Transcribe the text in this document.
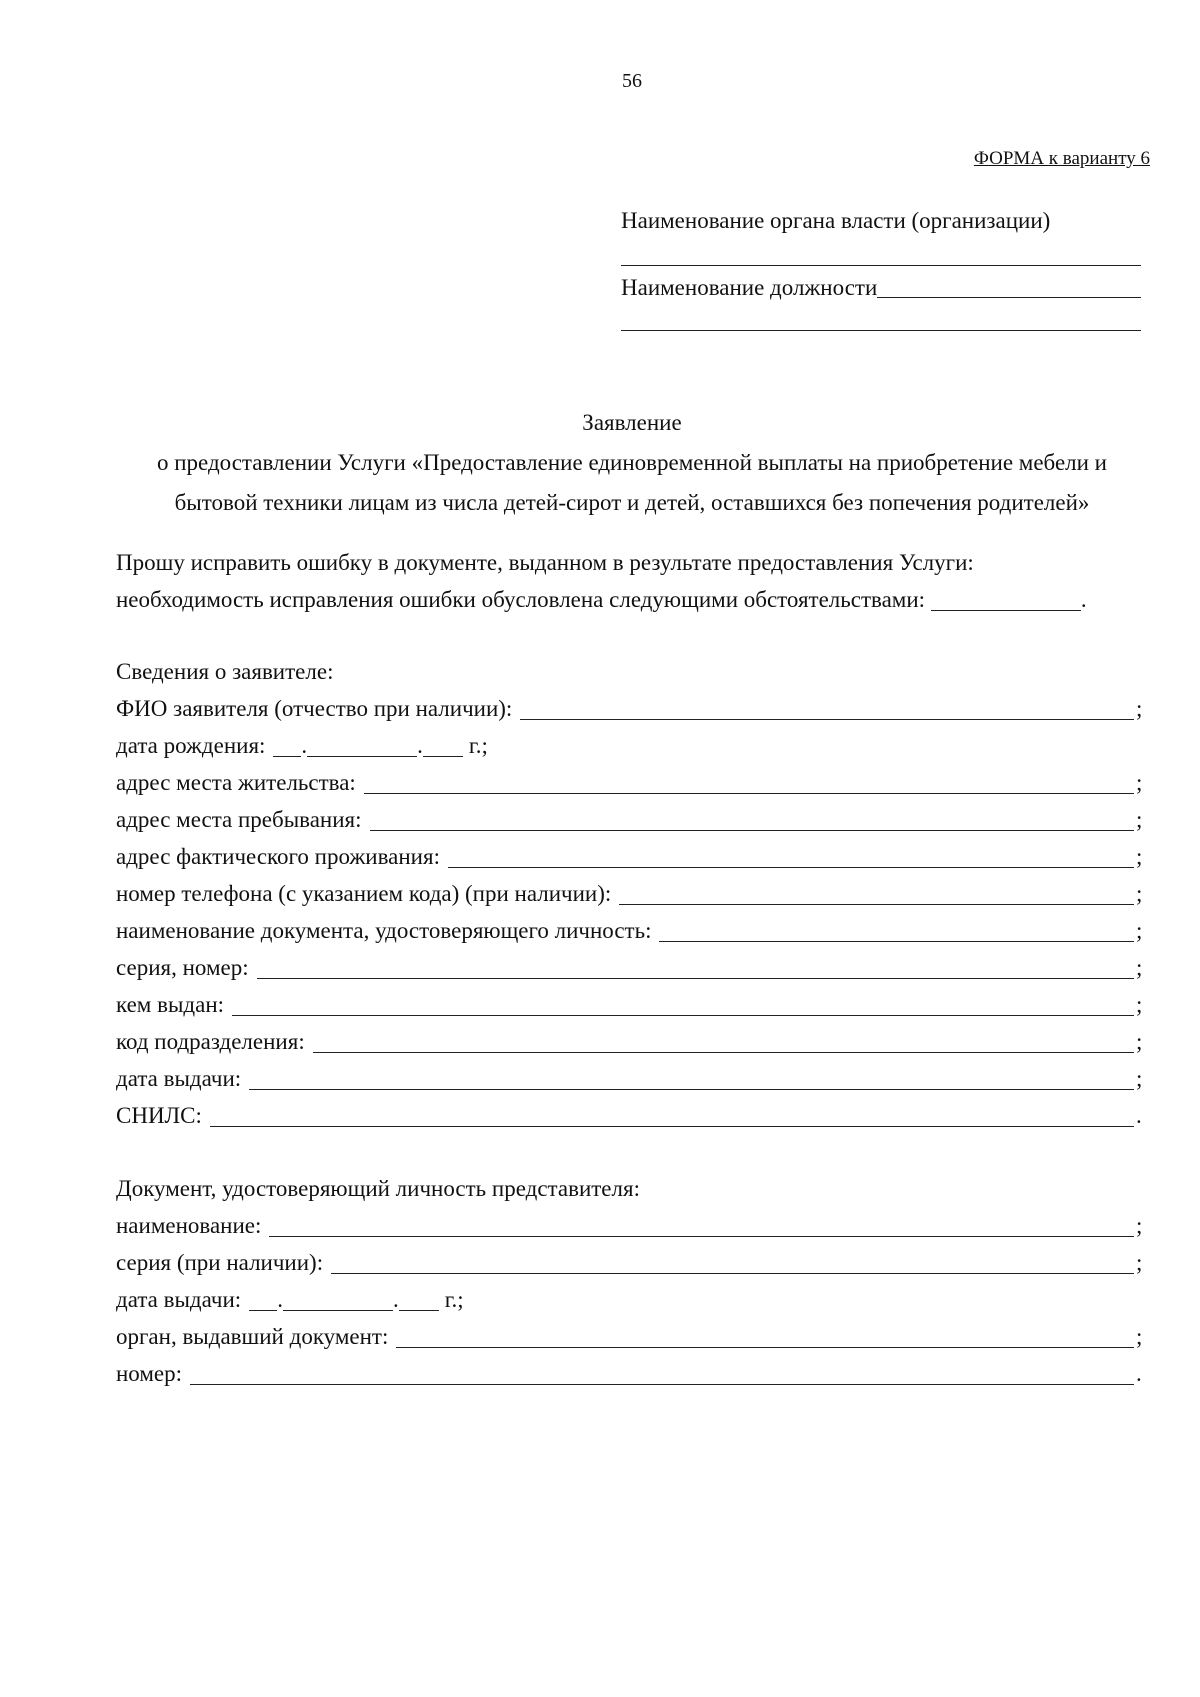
56
ФОРМА к варианту 6
Наименование органа власти (организации)
Наименование должности
Заявление
о предоставлении Услуги «Предоставление единовременной выплаты на приобретение мебели и
бытовой техники лицам из числа детей-сирот и детей, оставшихся без попечения родителей»
Прошу исправить ошибку в документе, выданном в результате предоставления Услуги:
необходимость исправления ошибки обусловлена следующими обстоятельствами:	.
Сведения о заявителе:
ФИО заявителя (отчество при наличии):	;
дата рождения: .	. г.;
адрес места жительства:	;
адрес места пребывания:	;
адрес фактического проживания:	;
номер телефона (с указанием кода) (при наличии):	;
наименование документа, удостоверяющего личность:	;
серия, номер:	;
кем выдан:	;
код подразделения:	;
дата выдачи:	;
СНИЛС:	.
Документ, удостоверяющий личность представителя:
наименование:	;
серия (при наличии):	;
дата выдачи: .	. г.;
орган, выдавший документ:	;
номер:	.
